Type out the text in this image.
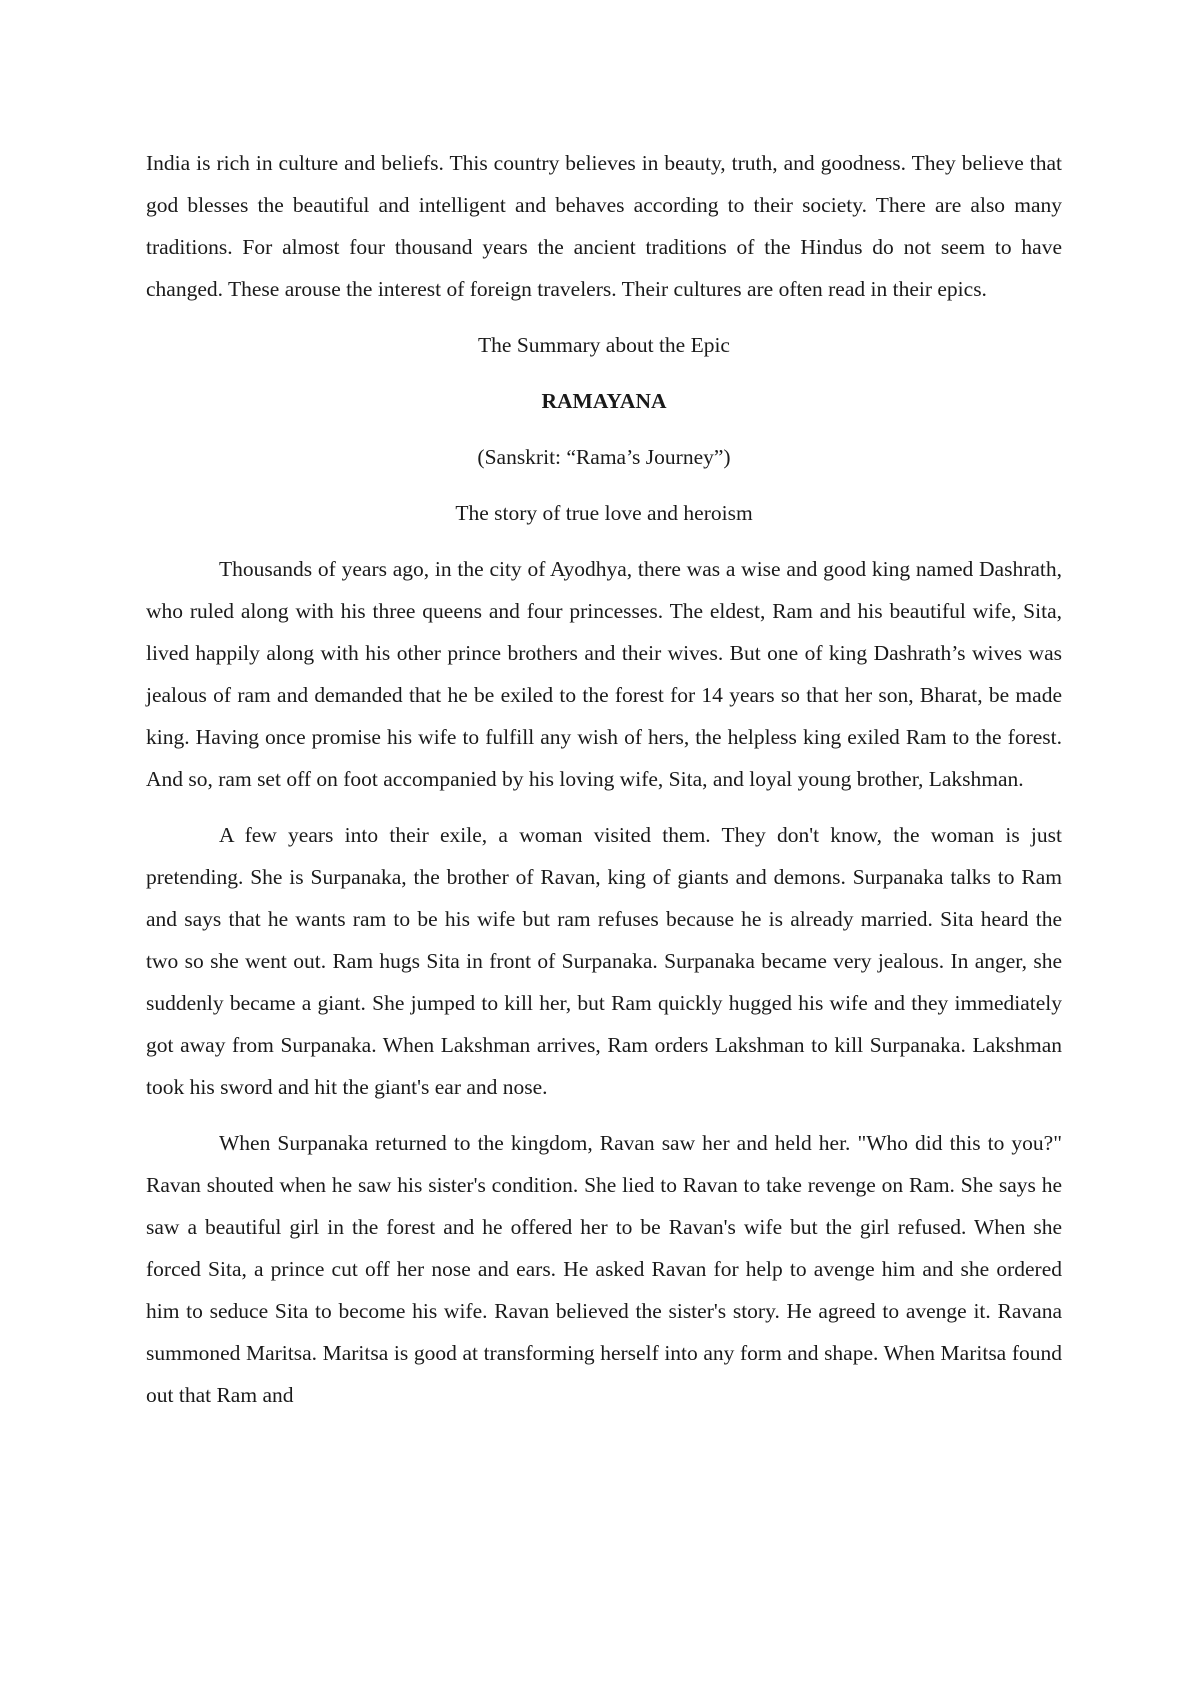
India is rich in culture and beliefs. This country believes in beauty, truth, and goodness. They believe that god blesses the beautiful and intelligent and behaves according to their society. There are also many traditions. For almost four thousand years the ancient traditions of the Hindus do not seem to have changed. These arouse the interest of foreign travelers. Their cultures are often read in their epics.

The Summary about the Epic

RAMAYANA

(Sanskrit: “Rama’s Journey”)

The story of true love and heroism

Thousands of years ago, in the city of Ayodhya, there was a wise and good king named Dashrath, who ruled along with his three queens and four princesses. The eldest, Ram and his beautiful wife, Sita, lived happily along with his other prince brothers and their wives. But one of king Dashrath’s wives was jealous of ram and demanded that he be exiled to the forest for 14 years so that her son, Bharat, be made king. Having once promise his wife to fulfill any wish of hers, the helpless king exiled Ram to the forest. And so, ram set off on foot accompanied by his loving wife, Sita, and loyal young brother, Lakshman.

A few years into their exile, a woman visited them. They don't know, the woman is just pretending. She is Surpanaka, the brother of Ravan, king of giants and demons. Surpanaka talks to Ram and says that he wants ram to be his wife but ram refuses because he is already married. Sita heard the two so she went out. Ram hugs Sita in front of Surpanaka. Surpanaka became very jealous. In anger, she suddenly became a giant. She jumped to kill her, but Ram quickly hugged his wife and they immediately got away from Surpanaka. When Lakshman arrives, Ram orders Lakshman to kill Surpanaka. Lakshman took his sword and hit the giant's ear and nose.

When Surpanaka returned to the kingdom, Ravan saw her and held her. "Who did this to you?" Ravan shouted when he saw his sister's condition. She lied to Ravan to take revenge on Ram. She says he saw a beautiful girl in the forest and he offered her to be Ravan's wife but the girl refused. When she forced Sita, a prince cut off her nose and ears. He asked Ravan for help to avenge him and she ordered him to seduce Sita to become his wife. Ravan believed the sister's story. He agreed to avenge it. Ravana summoned Maritsa. Maritsa is good at transforming herself into any form and shape. When Maritsa found out that Ram and
